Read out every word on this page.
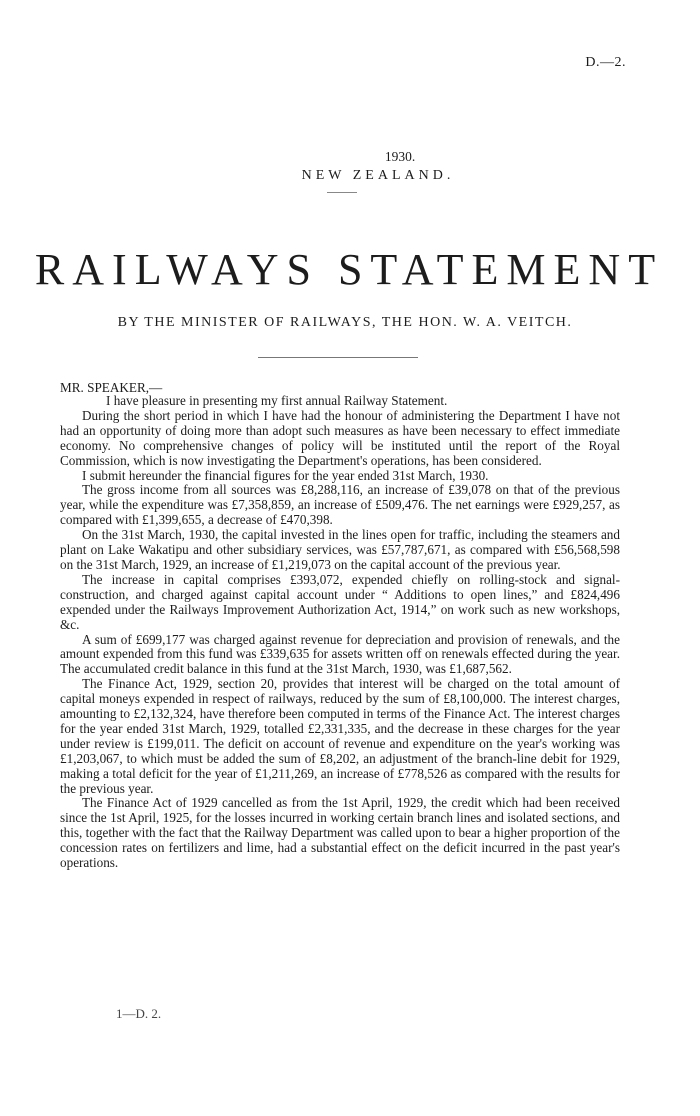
D.—2.
1930.
NEW ZEALAND.
RAILWAYS STATEMENT
BY THE MINISTER OF RAILWAYS, THE HON. W. A. VEITCH.
MR. SPEAKER,—

I have pleasure in presenting my first annual Railway Statement.

During the short period in which I have had the honour of administering the Department I have not had an opportunity of doing more than adopt such measures as have been necessary to effect immediate economy. No comprehensive changes of policy will be instituted until the report of the Royal Commission, which is now investigating the Department's operations, has been considered.

I submit hereunder the financial figures for the year ended 31st March, 1930.

The gross income from all sources was £8,288,116, an increase of £39,078 on that of the previous year, while the expenditure was £7,358,859, an increase of £509,476. The net earnings were £929,257, as compared with £1,399,655, a decrease of £470,398.

On the 31st March, 1930, the capital invested in the lines open for traffic, including the steamers and plant on Lake Wakatipu and other subsidiary services, was £57,787,671, as compared with £56,568,598 on the 31st March, 1929, an increase of £1,219,073 on the capital account of the previous year.

The increase in capital comprises £393,072, expended chiefly on rolling-stock and signal-construction, and charged against capital account under “ Additions to open lines,” and £824,496 expended under the Railways Improvement Authorization Act, 1914,” on work such as new workshops, &c.

A sum of £699,177 was charged against revenue for depreciation and provision of renewals, and the amount expended from this fund was £339,635 for assets written off on renewals effected during the year. The accumulated credit balance in this fund at the 31st March, 1930, was £1,687,562.

The Finance Act, 1929, section 20, provides that interest will be charged on the total amount of capital moneys expended in respect of railways, reduced by the sum of £8,100,000. The interest charges, amounting to £2,132,324, have therefore been computed in terms of the Finance Act. The interest charges for the year ended 31st March, 1929, totalled £2,331,335, and the decrease in these charges for the year under review is £199,011. The deficit on account of revenue and expenditure on the year's working was £1,203,067, to which must be added the sum of £8,202, an adjustment of the branch-line debit for 1929, making a total deficit for the year of £1,211,269, an increase of £778,526 as compared with the results for the previous year.

The Finance Act of 1929 cancelled as from the 1st April, 1929, the credit which had been received since the 1st April, 1925, for the losses incurred in working certain branch lines and isolated sections, and this, together with the fact that the Railway Department was called upon to bear a higher proportion of the concession rates on fertilizers and lime, had a substantial effect on the deficit incurred in the past year's operations.

1—D. 2.
